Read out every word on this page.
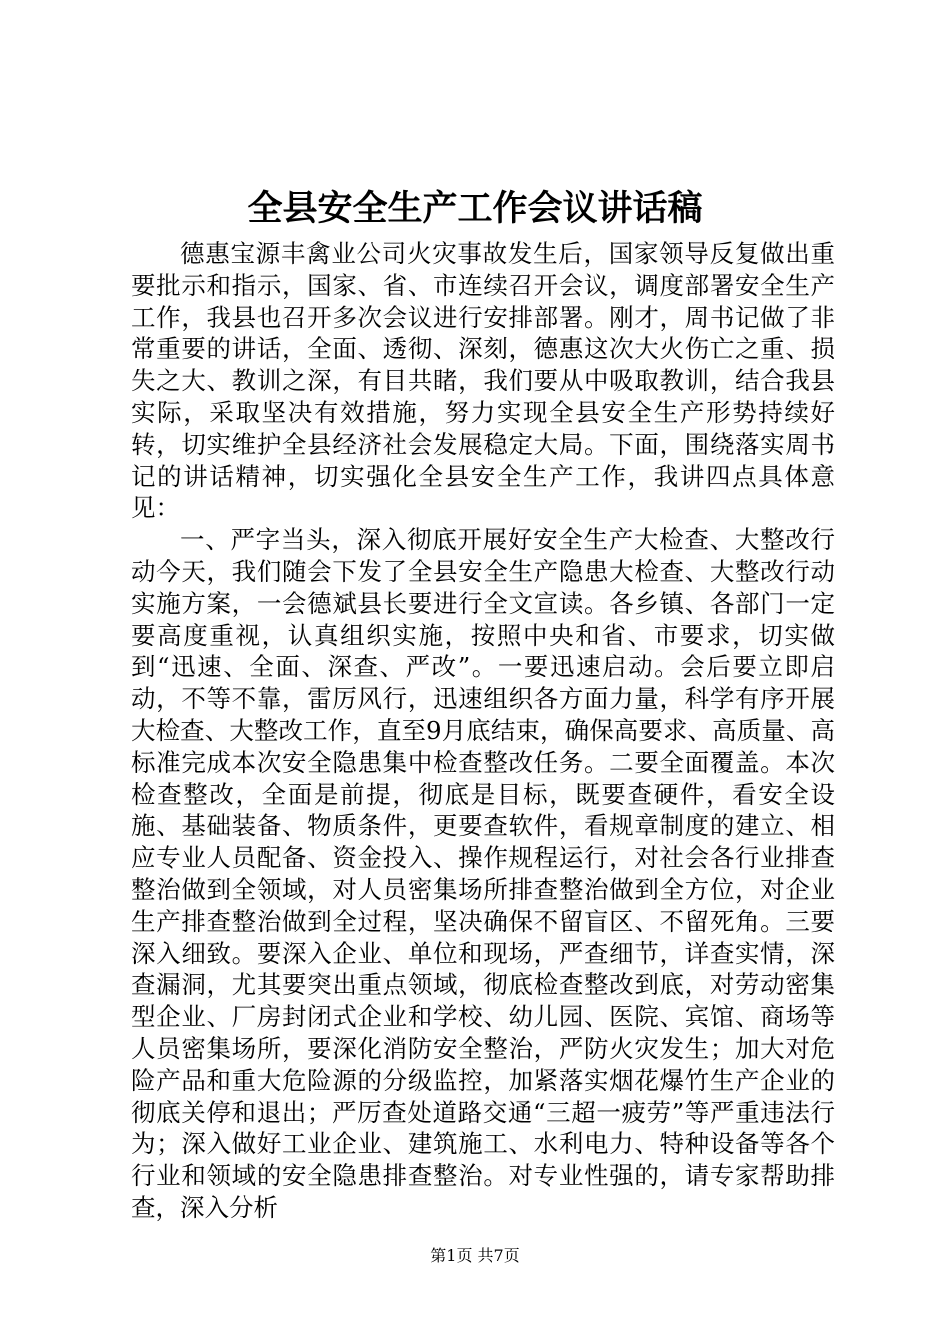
全县安全生产工作会议讲话稿

德惠宝源丰禽业公司火灾事故发生后，国家领导反复做出重要批示和指示，国家、省、市连续召开会议，调度部署安全生产工作，我县也召开多次会议进行安排部署。刚才，周书记做了非常重要的讲话，全面、透彻、深刻，德惠这次大火伤亡之重、损失之大、教训之深，有目共睹，我们要从中吸取教训，结合我县实际，采取坚决有效措施，努力实现全县安全生产形势持续好转，切实维护全县经济社会发展稳定大局。下面，围绕落实周书记的讲话精神，切实强化全县安全生产工作，我讲四点具体意见：

一、严字当头，深入彻底开展好安全生产大检查、大整改行动今天，我们随会下发了全县安全生产隐患大检查、大整改行动实施方案，一会德斌县长要进行全文宣读。各乡镇、各部门一定要高度重视，认真组织实施，按照中央和省、市要求，切实做到“迅速、全面、深查、严改”。一要迅速启动。会后要立即启动，不等不靠，雷厉风行，迅速组织各方面力量，科学有序开展大检查、大整改工作，直至9月底结束，确保高要求、高质量、高标准完成本次安全隐患集中检查整改任务。二要全面覆盖。本次检查整改，全面是前提，彻底是目标，既要查硬件，看安全设施、基础装备、物质条件，更要查软件，看规章制度的建立、相应专业人员配备、资金投入、操作规程运行，对社会各行业排查整治做到全领域，对人员密集场所排查整治做到全方位，对企业生产排查整治做到全过程，坚决确保不留盲区、不留死角。三要深入细致。要深入企业、单位和现场，严查细节，详查实情，深查漏洞，尤其要突出重点领域，彻底检查整改到底，对劳动密集型企业、厂房封闭式企业和学校、幼儿园、医院、宾馆、商场等人员密集场所，要深化消防安全整治，严防火灾发生；加大对危险产品和重大危险源的分级监控，加紧落实烟花爆竹生产企业的彻底关停和退出；严厉查处道路交通“三超一疲劳”等严重违法行为；深入做好工业企业、建筑施工、水利电力、特种设备等各个行业和领域的安全隐患排查整治。对专业性强的，请专家帮助排查，深入分析

第1页 共7页
